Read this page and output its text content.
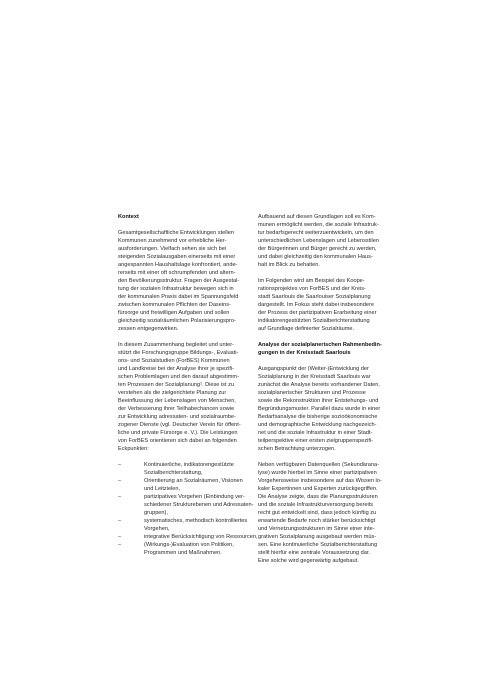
Kontext

Gesamtgesellschaftliche Entwicklungen stellen
Kommunen zunehmend vor erhebliche Her-
ausforderungen. Vielfach sehen sie sich bei
steigenden Sozialausgaben einerseits mit einer
angespannten Haushaltslage konfrontiert, ande-
rerseits mit einer oft schrumpfenden und altern-
den Bevölkerungsstruktur. Fragen der Ausgestal-
tung der sozialen Infrastruktur bewegen sich in
der kommunalen Praxis dabei im Spannungsfeld
zwischen kommunalen Pflichten der Daseins-
fürsorge und freiwilligen Aufgaben und sollen
gleichzeitig sozialräumlichen Polarisierungspro-
zessen entgegenwirken.

In diesem Zusammenhang begleitet und unter-
stützt die Forschungsgruppe Bildungs-, Evaluati-
ons- und Sozialstudien (ForBES) Kommunen
und Landkreise bei der Analyse ihrer je spezifi-
schen Problemlagen und den darauf abgestimm-
ten Prozessen der Sozialplanung¹. Diese ist zu
verstehen als die zielgerichtete Planung zur
Beeinflussung der Lebenslagen von Menschen,
der Verbesserung ihrer Teilhabechancen sowie
zur Entwicklung adressaten- und sozialraumbe-
zogener Dienste (vgl. Deutscher Verein für öffent-
liche und private Fürsorge e. V.). Die Leistungen
von ForBES orientieren sich dabei an folgenden
Eckpunkten:

–	Kontinuierliche, indikatorengestützte
Sozialberichterstattung,
–	Orientierung an Sozialräumen, Visionen
und Leitzielen,
–	partizipatives Vorgehen (Einbindung ver-
schiedener Strukturebenen und Adressaten-
gruppen),
–	systematisches, methodisch kontrolliertes
Vorgehen,
–	integrative Berücksichtigung von Ressourcen,
–	(Wirkungs-)Evaluation von Politiken,
Programmen und Maßnahmen.

Aufbauend auf diesen Grundlagen soll es Kom-
munen ermöglicht werden, die soziale Infrastruk-
tur bedarfsgerecht weiterzuentwickeln, um den
unterschiedlichen Lebenslagen und Lebensstilen
der Bürgerinnen und Bürger gerecht zu werden,
und dabei gleichzeitig den kommunalen Haus-
halt im Blick zu behalten.

Im Folgenden wird am Beispiel des Koope-
rationsprojektes von ForBES und der Kreis-
stadt Saarlouis die Saarlouiser Sozialplanung
dargestellt. Im Fokus steht dabei insbesondere
der Prozess der partizipativen Erarbeitung einer
indikatorengestützten Sozialberichterstattung
auf Grundlage definierter Sozialräume.

Analyse der sozialplanerischen Rahmenbedin-
gungen in der Kreisstadt Saarlouis

Ausgangspunkt der (Weiter-)Entwicklung der
Sozialplanung in der Kreisstadt Saarlouis war
zunächst die Analyse bereits vorhandener Daten,
sozialplanerischer Strukturen und Prozesse
sowie die Rekonstruktion ihrer Entstehungs- und
Begründungsmuster. Parallel dazu wurde in einer
Bedarfsanalyse die bisherige sozioökonomische
und demographische Entwicklung nachgezeich-
net und die soziale Infrastruktur in einer Stadt-
teilperspektive einer ersten zielgruppenspezifi-
schen Betrachtung unterzogen.

Neben verfügbaren Datenquellen (Sekundärana-
lyse) wurde hierbei im Sinne einer partizipativen
Vorgehensweise insbesondere auf das Wissen lo-
kaler Expertinnen und Experten zurückgegriffen.
Die Analyse zeigte, dass die Planungsstrukturen
und die soziale Infrastrukturversorgung bereits
recht gut entwickelt sind, dass jedoch künftig zu
erwartende Bedarfe noch stärker berücksichtigt
und Vernetzungsstrukturen im Sinne einer inte-
grativen Sozialplanung ausgebaut werden müs-
sen. Eine kontinuierliche Sozialberichterstattung
stellt hierfür eine zentrale Voraussetzung dar.
Eine solche wird gegenwärtig aufgebaut.
